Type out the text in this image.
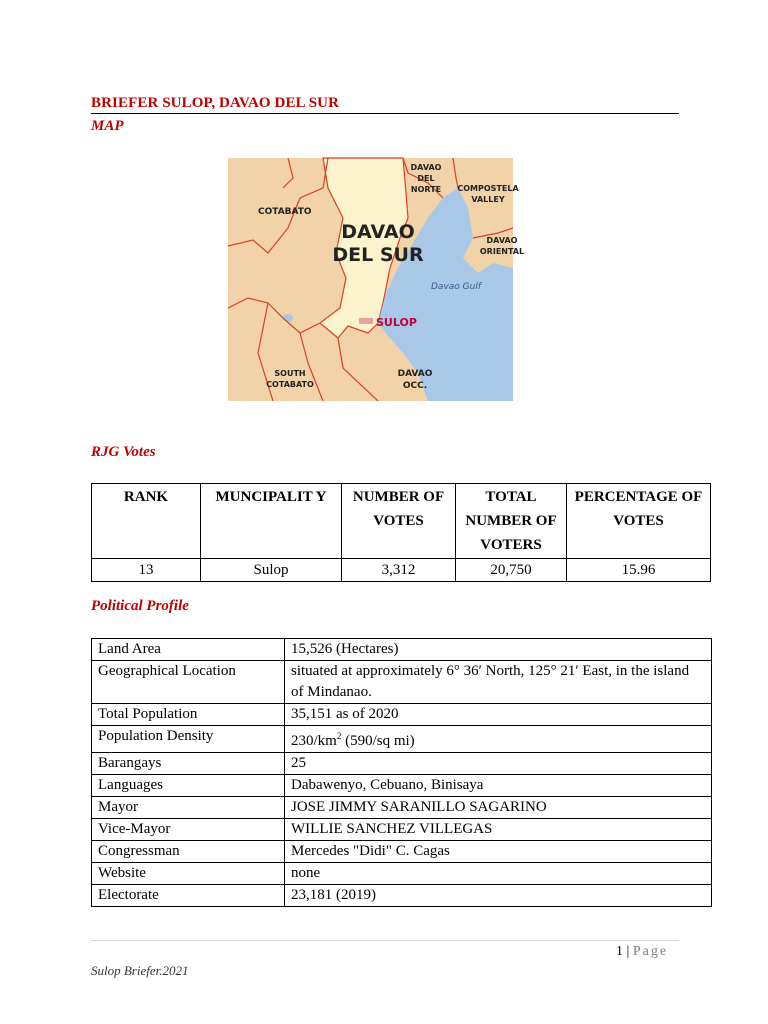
BRIEFER SULOP, DAVAO DEL SUR
MAP
COTABATO
DAVAO
DEL
NORTE COMPOSTELA
VALLEY
DAVAO
ORIENTAL
DAVAO
DEL SUR
Davao Gulf
SULOP
SOUTH
COTABATO
DAVAO
OCC.
RJG Votes
RANK	MUNCIPALIT Y	NUMBER OF VOTES	TOTAL NUMBER OF VOTERS	PERCENTAGE OF VOTES
13	Sulop	3,312	20,750	15.96
Political Profile
Land Area	15,526 (Hectares)
Geographical Location	situated at approximately 6° 36′ North, 125° 21′ East, in the island of Mindanao.
Total Population	35,151 as of 2020
Population Density	$230/km^2$ (590/sq mi)
Barangays	25
Languages	Dabawenyo, Cebuano, Binisaya
Mayor	JOSE JIMMY SARANILLO SAGARINO
Vice-Mayor	WILLIE SANCHEZ VILLEGAS
Congressman	Mercedes "Didi" C. Cagas
Website	none
Electorate	23,181 (2019)
1 | Page
Sulop Briefer.2021
